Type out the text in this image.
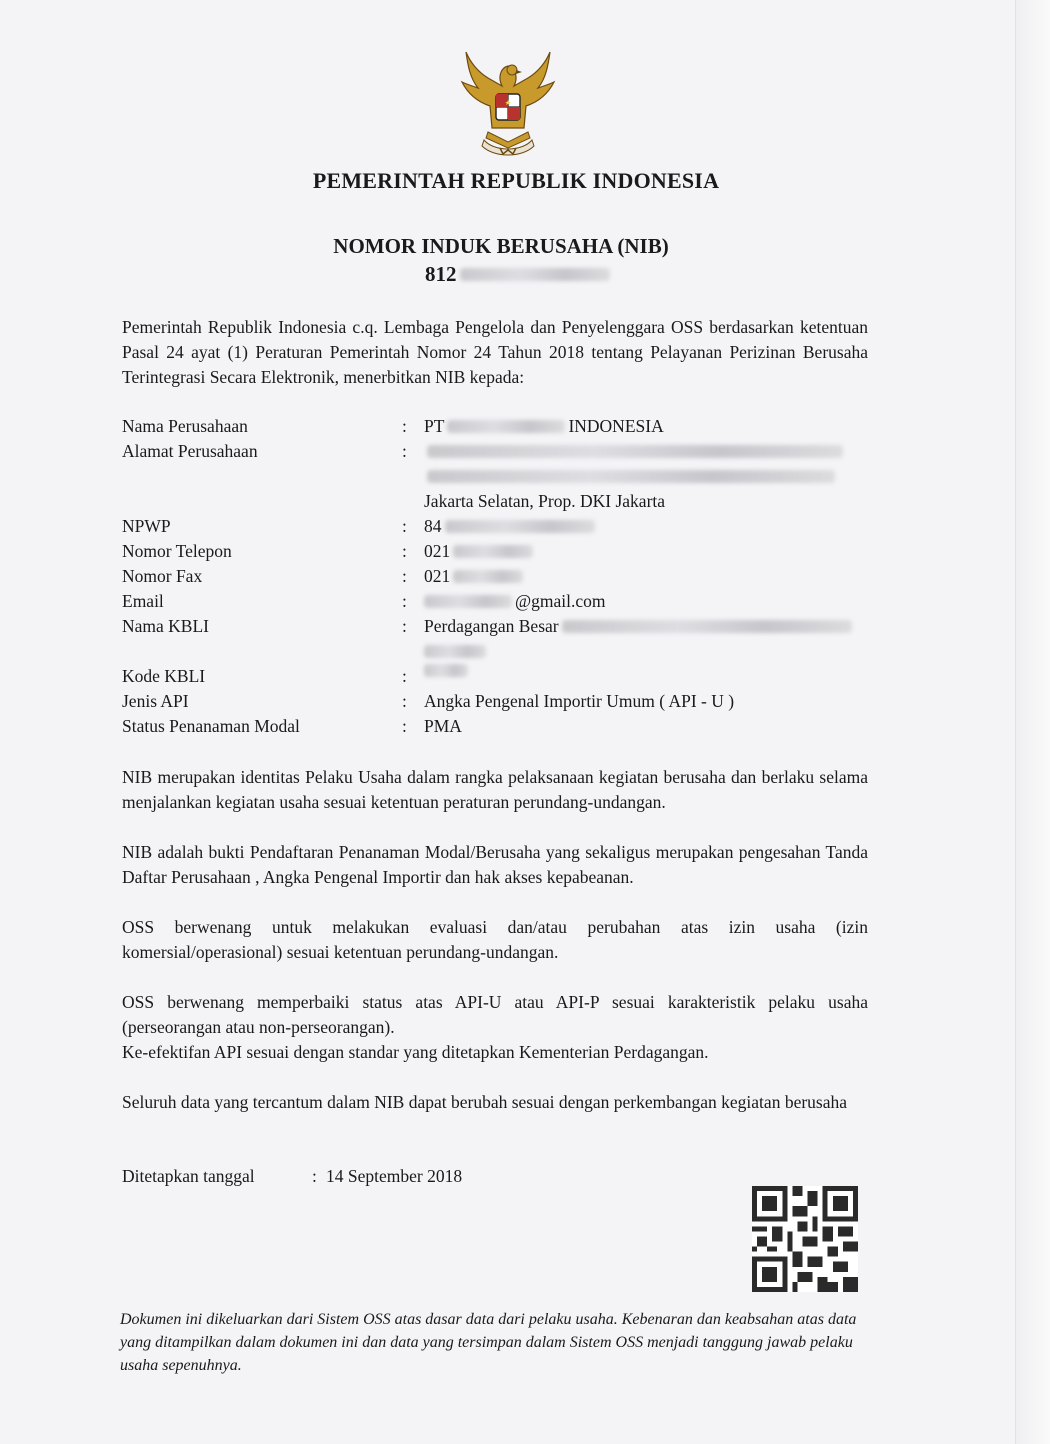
PEMERINTAH REPUBLIK INDONESIA
NOMOR INDUK BERUSAHA (NIB)
812
Pemerintah Republik Indonesia c.q. Lembaga Pengelola dan Penyelenggara OSS berdasarkan ketentuan Pasal 24 ayat (1) Peraturan Pemerintah Nomor 24 Tahun 2018 tentang Pelayanan Perizinan Berusaha Terintegrasi Secara Elektronik, menerbitkan NIB kepada:
Nama Perusahaan	: PT	INDONESIA
Alamat Perusahaan	:
Jakarta Selatan, Prop. DKI Jakarta
NPWP	: 84
Nomor Telepon	: 021
Nomor Fax	: 021
Email	:	@gmail.com
Nama KBLI	: Perdagangan Besar
Kode KBLI	:
Jenis API	: Angka Pengenal Importir Umum ( API - U )
Status Penanaman Modal	: PMA
NIB merupakan identitas Pelaku Usaha dalam rangka pelaksanaan kegiatan berusaha dan berlaku selama menjalankan kegiatan usaha sesuai ketentuan peraturan perundang-undangan.
NIB adalah bukti Pendaftaran Penanaman Modal/Berusaha yang sekaligus merupakan pengesahan Tanda Daftar Perusahaan , Angka Pengenal Importir dan hak akses kepabeanan.
OSS berwenang untuk melakukan evaluasi dan/atau perubahan atas izin usaha (izin komersial/operasional) sesuai ketentuan perundang-undangan.
OSS berwenang memperbaiki status atas API-U atau API-P sesuai karakteristik pelaku usaha (perseorangan atau non-perseorangan).
Ke-efektifan API sesuai dengan standar yang ditetapkan Kementerian Perdagangan.
Seluruh data yang tercantum dalam NIB dapat berubah sesuai dengan perkembangan kegiatan berusaha
Ditetapkan tanggal	: 14 September 2018
Dokumen ini dikeluarkan dari Sistem OSS atas dasar data dari pelaku usaha. Kebenaran dan keabsahan atas data yang ditampilkan dalam dokumen ini dan data yang tersimpan dalam Sistem OSS menjadi tanggung jawab pelaku usaha sepenuhnya.
